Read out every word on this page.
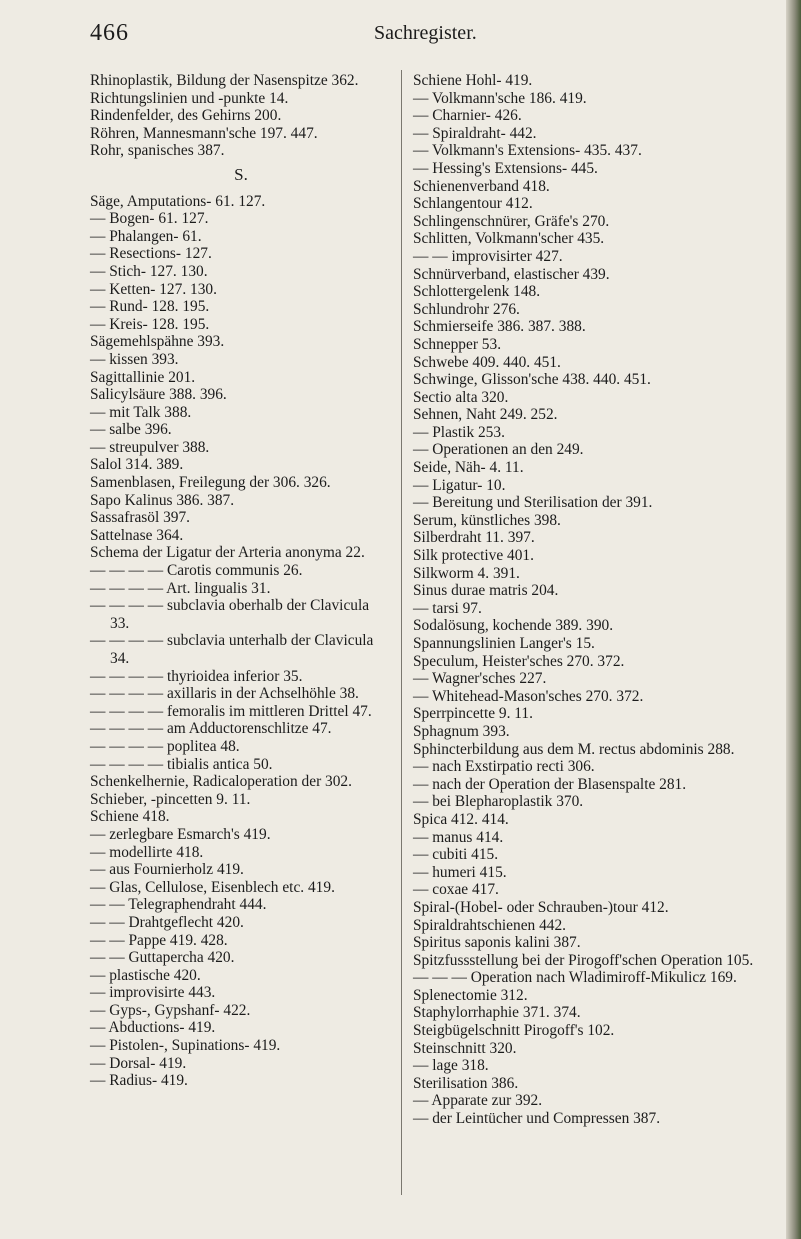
466	Sachregister.

Rhinoplastik, Bildung der Nasenspitze 362.

Richtungslinien und -punkte 14.

Rindenfelder, des Gehirns 200.

Röhren, Mannesmann'sche 197. 447.

Rohr, spanisches 387.

S.

Säge, Amputations- 61. 127.

— Bogen- 61. 127.

— Phalangen- 61.

— Resections- 127.

— Stich- 127. 130.

— Ketten- 127. 130.

— Rund- 128. 195.

— Kreis- 128. 195.

Sägemehlspähne 393.

— kissen 393.

Sagittallinie 201.

Salicylsäure 388. 396.

— mit Talk 388.

— salbe 396.

— streupulver 388.

Salol 314. 389.

Samenblasen, Freilegung der 306. 326.

Sapo Kalinus 386. 387.

Sassafrasöl 397.

Sattelnase 364.

Schema der Ligatur der Arteria anonyma 22.

— — — — Carotis communis 26.

— — — — Art. lingualis 31.

— — — — subclavia oberhalb der Clavicula 33.

— — — — subclavia unterhalb der Clavicula 34.

— — — — thyrioidea inferior 35.

— — — — axillaris in der Achselhöhle 38.

— — — — femoralis im mittleren Drittel 47.

— — — — am Adductorenschlitze 47.

— — — — poplitea 48.

— — — — tibialis antica 50.

Schenkelhernie, Radicaloperation der 302.

Schieber, -pincetten 9. 11.

Schiene 418.

— zerlegbare Esmarch's 419.

— modellirte 418.

— aus Fournierholz 419.

— Glas, Cellulose, Eisenblech etc. 419.

— — Telegraphendraht 444.

— — Drahtgeflecht 420.

— — Pappe 419. 428.

— — Guttapercha 420.

— plastische 420.

— improvisirte 443.

— Gyps-, Gypshanf- 422.

— Abductions- 419.

— Pistolen-, Supinations- 419.

— Dorsal- 419.

— Radius- 419.

Schiene Hohl- 419.

— Volkmann'sche 186. 419.

— Charnier- 426.

— Spiraldraht- 442.

— Volkmann's Extensions- 435. 437.

— Hessing's Extensions- 445.

Schienenverband 418.

Schlangentour 412.

Schlingenschnürer, Gräfe's 270.

Schlitten, Volkmann'scher 435.

— — improvisirter 427.

Schnürverband, elastischer 439.

Schlottergelenk 148.

Schlundrohr 276.

Schmierseife 386. 387. 388.

Schnepper 53.

Schwebe 409. 440. 451.

Schwinge, Glisson'sche 438. 440. 451.

Sectio alta 320.

Sehnen, Naht 249. 252.

— Plastik 253.

— Operationen an den 249.

Seide, Näh- 4. 11.

— Ligatur- 10.

— Bereitung und Sterilisation der 391.

Serum, künstliches 398.

Silberdraht 11. 397.

Silk protective 401.

Silkworm 4. 391.

Sinus durae matris 204.

— tarsi 97.

Sodalösung, kochende 389. 390.

Spannungslinien Langer's 15.

Speculum, Heister'sches 270. 372.

— Wagner'sches 227.

— Whitehead-Mason'sches 270. 372.

Sperrpincette 9. 11.

Sphagnum 393.

Sphincterbildung aus dem M. rectus abdominis 288.

— nach Exstirpatio recti 306.

— nach der Operation der Blasenspalte 281.

— bei Blepharoplastik 370.

Spica 412. 414.

— manus 414.

— cubiti 415.

— humeri 415.

— coxae 417.

Spiral-(Hobel- oder Schrauben-)tour 412.

Spiraldrahtschienen 442.

Spiritus saponis kalini 387.

Spitzfussstellung bei der Pirogoff'schen Operation 105.

— — — Operation nach Wladimiroff-Mikulicz 169.

Splenectomie 312.

Staphylorrhaphie 371. 374.

Steigbügelschnitt Pirogoff's 102.

Steinschnitt 320.

— lage 318.

Sterilisation 386.

— Apparate zur 392.

— der Leintücher und Compressen 387.
